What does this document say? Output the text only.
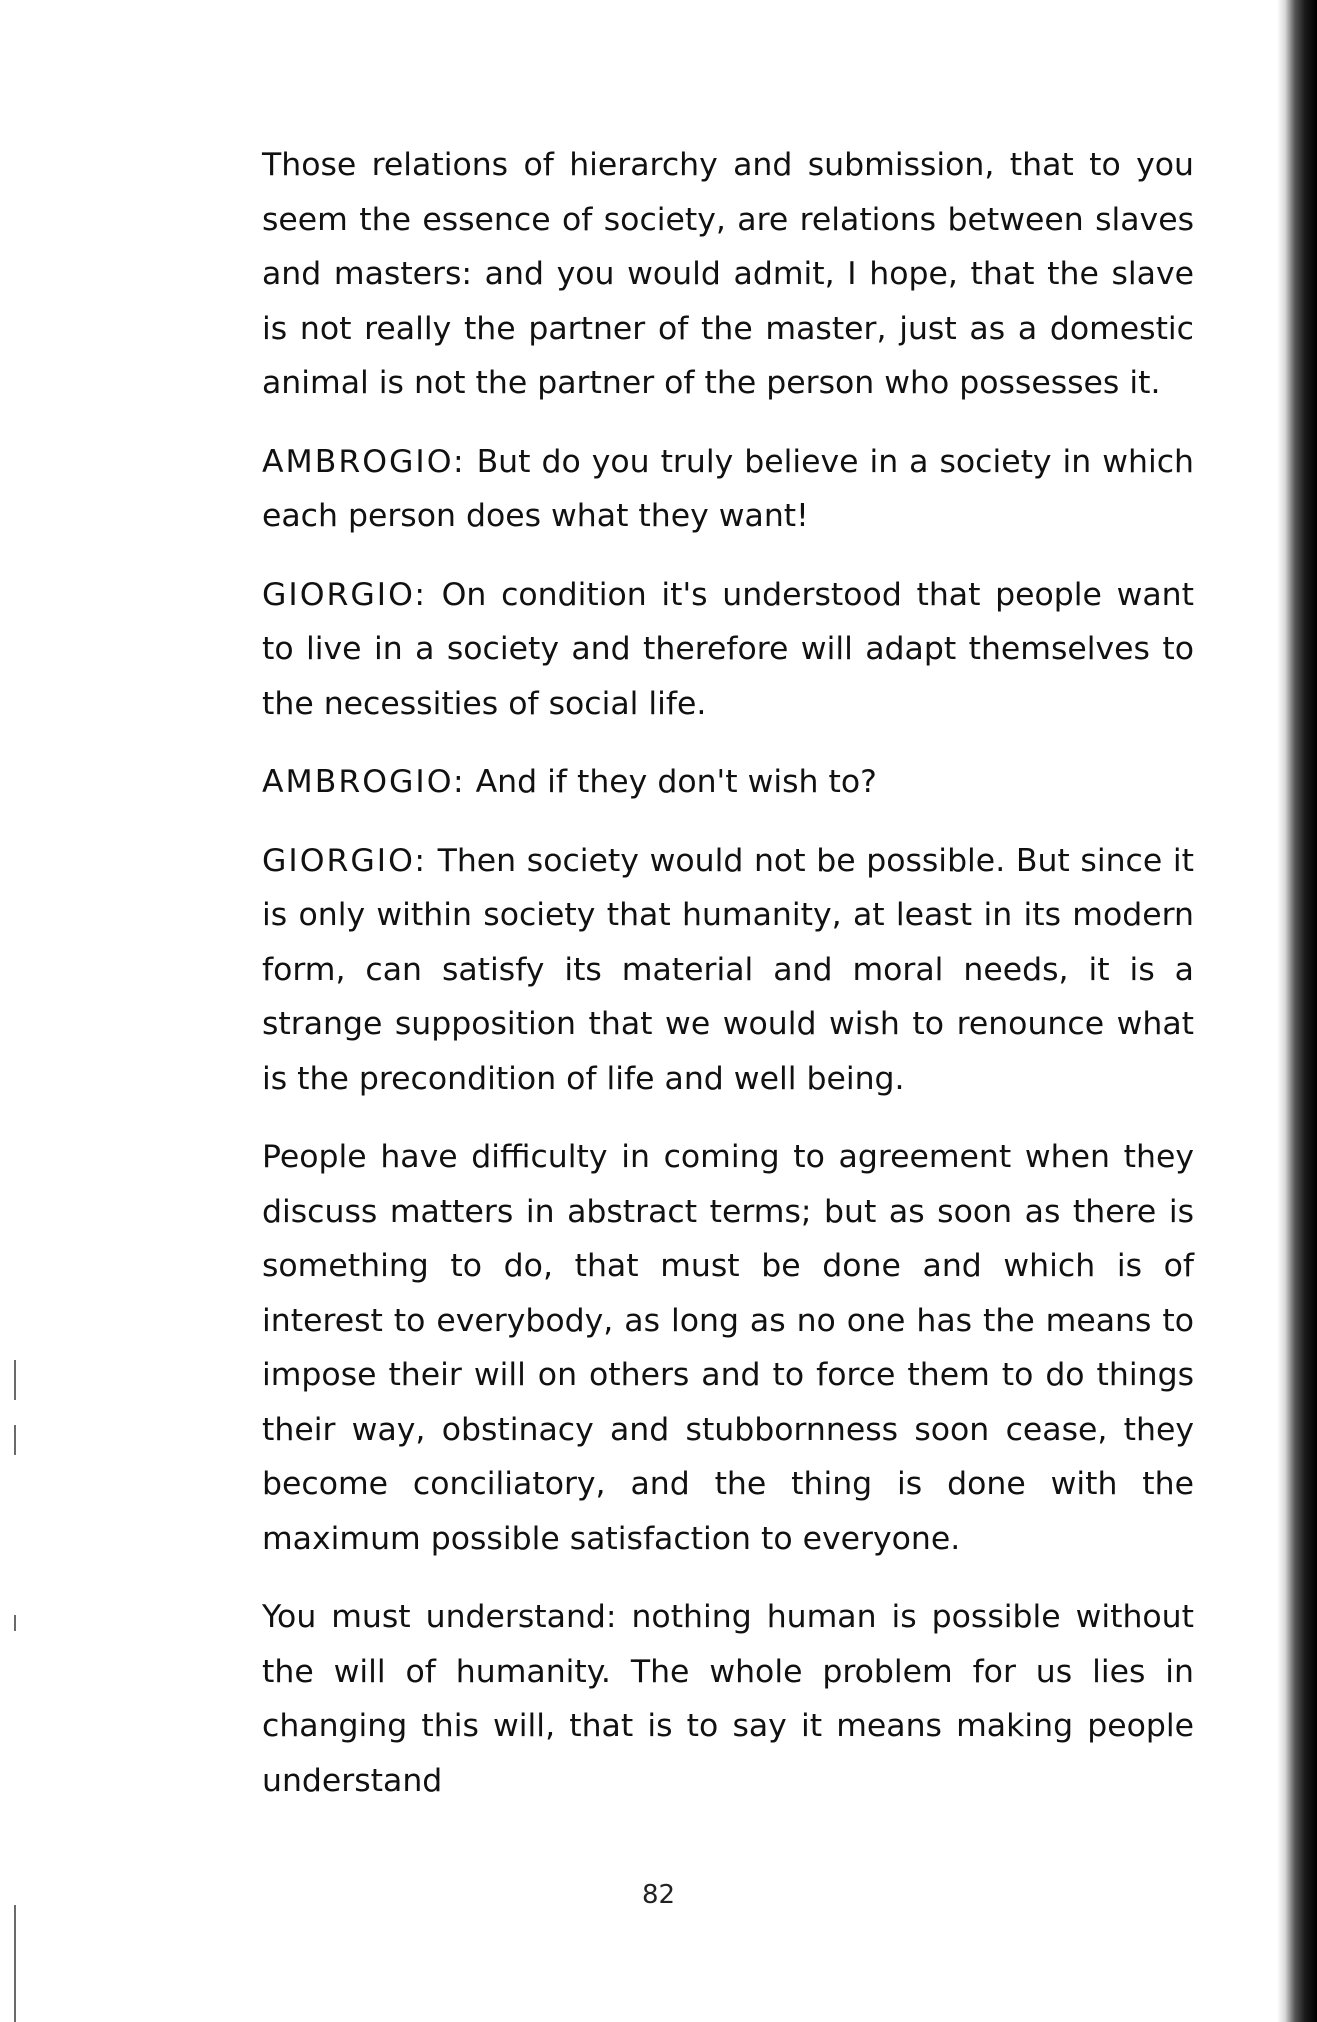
Those relations of hierarchy and submission, that to you seem the essence of society, are relations between slaves and masters: and you would admit, I hope, that the slave is not really the partner of the master, just as a domestic animal is not the partner of the person who possesses it.

AMBROGIO: But do you truly believe in a society in which each person does what they want!

GIORGIO: On condition it's understood that people want to live in a society and therefore will adapt themselves to the necessities of social life.

AMBROGIO: And if they don't wish to?

GIORGIO: Then society would not be possible. But since it is only within society that humanity, at least in its modern form, can satisfy its material and moral needs, it is a strange supposition that we would wish to renounce what is the precondition of life and well being.

People have difficulty in coming to agreement when they discuss matters in abstract terms; but as soon as there is something to do, that must be done and which is of interest to everybody, as long as no one has the means to impose their will on others and to force them to do things their way, obstinacy and stubbornness soon cease, they become conciliatory, and the thing is done with the maximum possible satisfaction to everyone.

You must understand: nothing human is possible without the will of humanity. The whole problem for us lies in changing this will, that is to say it means making people understand

82
